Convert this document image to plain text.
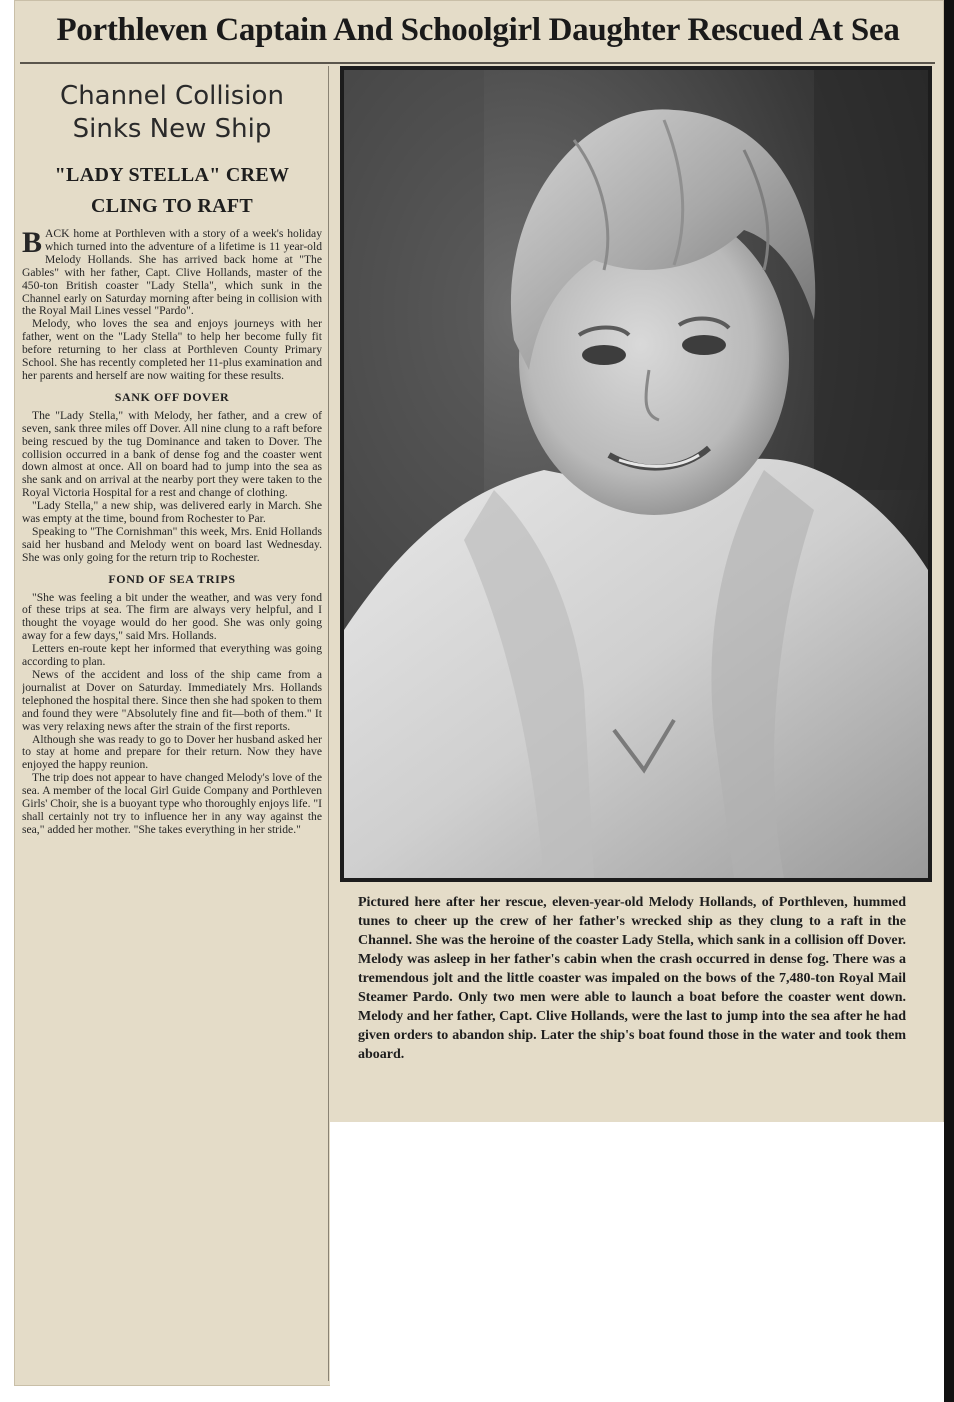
Porthleven Captain And Schoolgirl Daughter Rescued At Sea
Channel Collision
Sinks New Ship
"LADY STELLA" CREW
CLING TO RAFT

BACK home at Porthleven with a story of a week's holiday which turned into the adventure of a lifetime is 11 year-old Melody Hollands. She has arrived back home at "The Gables" with her father, Capt. Clive Hollands, master of the 450-ton British coaster "Lady Stella", which sunk in the Channel early on Saturday morning after being in collision with the Royal Mail Lines vessel "Pardo".

Melody, who loves the sea and enjoys journeys with her father, went on the "Lady Stella" to help her become fully fit before returning to her class at Porthleven County Primary School. She has recently completed her 11-plus examination and her parents and herself are now waiting for these results.

SANK OFF DOVER

The "Lady Stella," with Melody, her father, and a crew of seven, sank three miles off Dover. All nine clung to a raft before being rescued by the tug Dominance and taken to Dover. The collision occurred in a bank of dense fog and the coaster went down almost at once. All on board had to jump into the sea as she sank and on arrival at the nearby port they were taken to the Royal Victoria Hospital for a rest and change of clothing.

"Lady Stella," a new ship, was delivered early in March. She was empty at the time, bound from Rochester to Par.

Speaking to "The Cornishman" this week, Mrs. Enid Hollands said her husband and Melody went on board last Wednesday. She was only going for the return trip to Rochester.

FOND OF SEA TRIPS

"She was feeling a bit under the weather, and was very fond of these trips at sea. The firm are always very helpful, and I thought the voyage would do her good. She was only going away for a few days," said Mrs. Hollands.

Letters en-route kept her informed that everything was going according to plan.

News of the accident and loss of the ship came from a journalist at Dover on Saturday. Immediately Mrs. Hollands telephoned the hospital there. Since then she had spoken to them and found they were "Absolutely fine and fit—both of them." It was very relaxing news after the strain of the first reports.

Although she was ready to go to Dover her husband asked her to stay at home and prepare for their return. Now they have enjoyed the happy reunion.

The trip does not appear to have changed Melody's love of the sea. A member of the local Girl Guide Company and Porthleven Girls' Choir, she is a buoyant type who thoroughly enjoys life. "I shall certainly not try to influence her in any way against the sea," added her mother. "She takes everything in her stride."

Pictured here after her rescue, eleven-year-old Melody Hollands, of Porthleven, hummed tunes to cheer up the crew of her father's wrecked ship as they clung to a raft in the Channel. She was the heroine of the coaster Lady Stella, which sank in a collision off Dover. Melody was asleep in her father's cabin when the crash occurred in dense fog. There was a tremendous jolt and the little coaster was impaled on the bows of the 7,480-ton Royal Mail Steamer Pardo. Only two men were able to launch a boat before the coaster went down. Melody and her father, Capt. Clive Hollands, were the last to jump into the sea after he had given orders to abandon ship. Later the ship's boat found those in the water and took them aboard.
